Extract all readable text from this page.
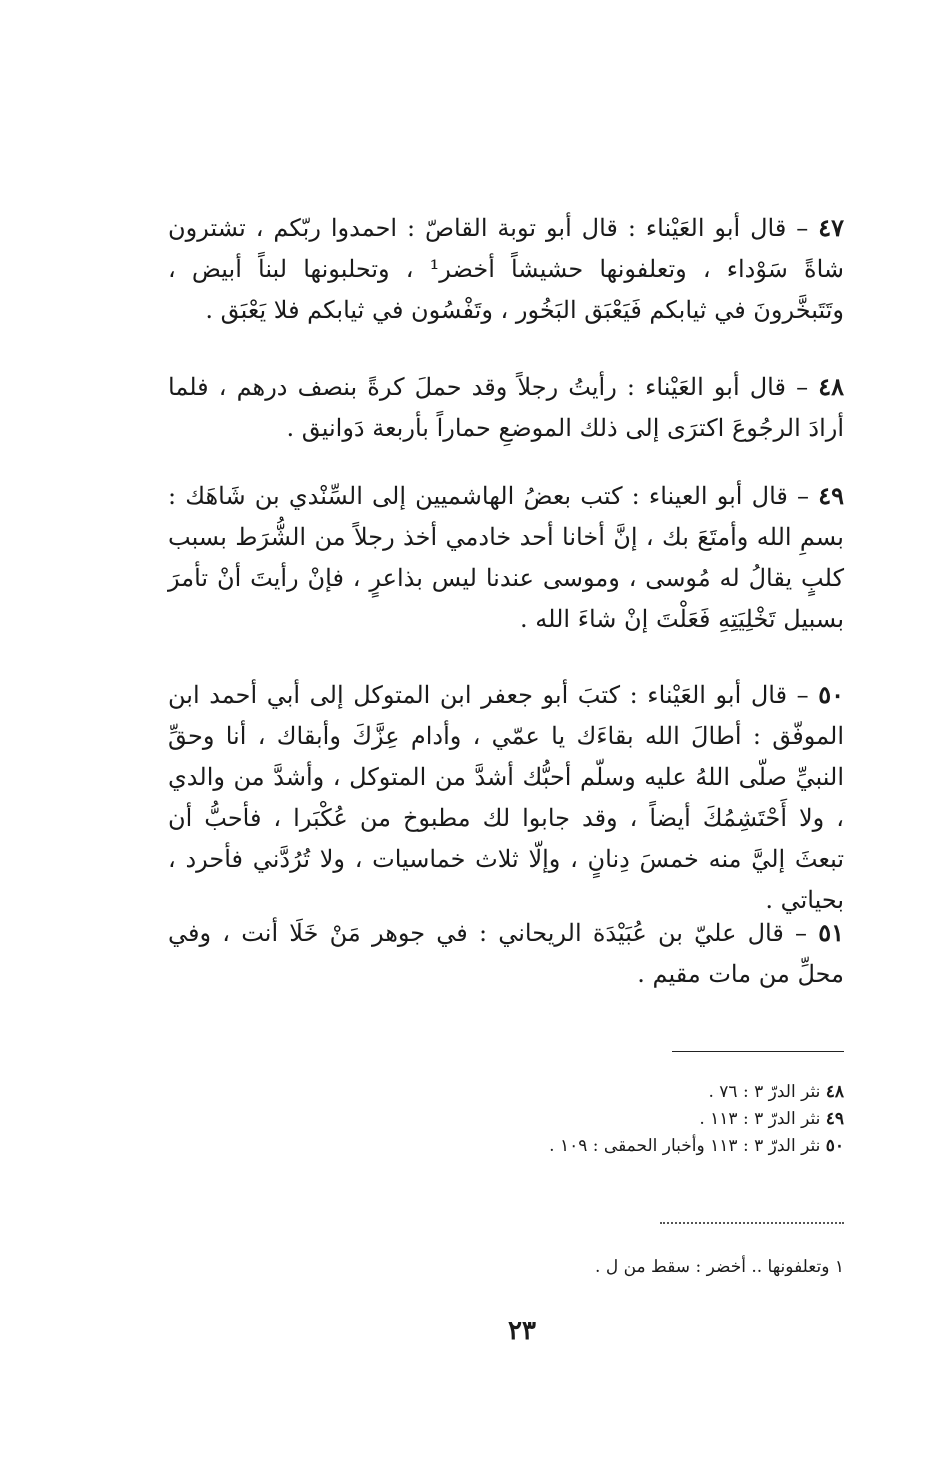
٤٧ – قال أبو العَيْناء : قال أبو توبة القاصّ : احمدوا ربّكم ، تشترون شاةً سَوْداء ، وتعلفونها حشيشاً أخضر¹ ، وتحلبونها لبناً أبيض ، وتَتَبخَّرونَ في ثيابكم فَيَعْبَق البَخُور ، وتَفْسُون في ثيابكم فلا يَعْبَق .

٤٨ – قال أبو العَيْناء : رأيتُ رجلاً وقد حملَ كرةً بنصف درهم ، فلما أرادَ الرجُوعَ اكترَى إلى ذلك الموضعِ حماراً بأربعة دَوانيق .

٤٩ – قال أبو العيناء : كتب بعضُ الهاشميين إلى السِّنْدي بن شَاهَك : بسمِ الله وأمتَعَ بك ، إنَّ أخانا أحد خادمي أخذ رجلاً من الشُّرَط بسبب كلبٍ يقالُ له مُوسى ، وموسى عندنا ليس بذاعرٍ ، فإنْ رأيتَ أنْ تأمرَ بسبيل تَخْلِيَتِهِ فَعَلْتَ إنْ شاءَ الله .

٥٠ – قال أبو العَيْناء : كتبَ أبو جعفر ابن المتوكل إلى أبي أحمد ابن الموفّق : أطالَ الله بقاءَك يا عمّي ، وأدام عِزَّكَ وأبقاك ، أنا وحقِّ النبيِّ صلّى اللهُ عليه وسلّم أحبُّك أشدَّ من المتوكل ، وأشدَّ من والدي ، ولا أَحْتَشِمُكَ أيضاً ، وقد جابوا لك مطبوخ من عُكْبَرا ، فأحبُّ أن تبعثَ إليَّ منه خمسَ دِنانٍ ، وإلّا ثلاث خماسيات ، ولا تُرُدَّني فأحرد ، بحياتي .

٥١ – قال عليّ بن عُبَيْدَة الريحاني : في جوهر مَنْ خَلَا أنت ، وفي محلِّ من مات مقيم .

٤٨ نثر الدرّ ٣ : ٧٦ .
٤٩ نثر الدرّ ٣ : ١١٣ .
٥٠ نثر الدرّ ٣ : ١١٣ وأخبار الحمقى : ١٠٩ .
١ وتعلفونها .. أخضر : سقط من ل .
٢٣
